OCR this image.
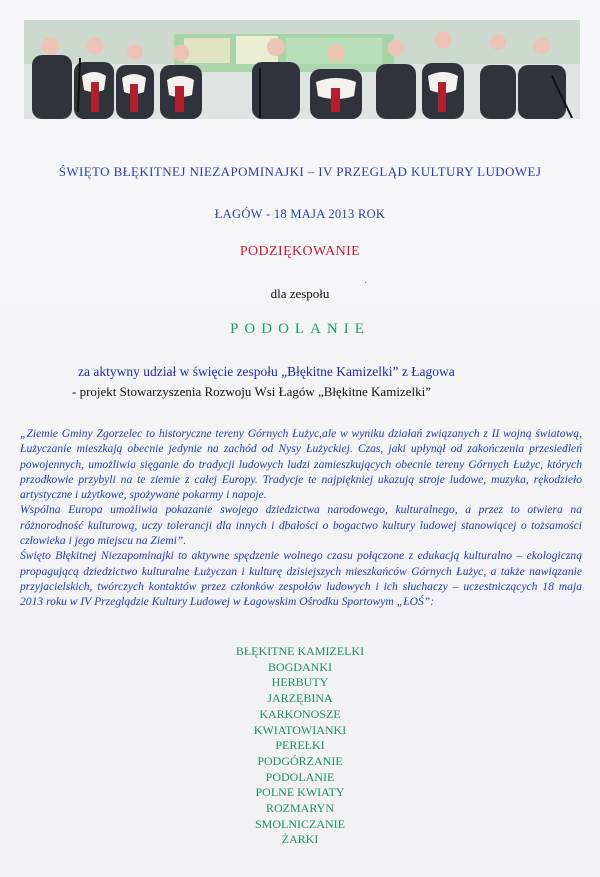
ŚWIĘTO BŁĘKITNEJ NIEZAPOMINAJKI – IV PRZEGLĄD KULTURY LUDOWEJ
ŁAGÓW - 18 MAJA 2013 ROK
PODZIĘKOWANIE
dla zespołu
·
PODOLANIE
za aktywny udział w święcie zespołu „Błękitne Kamizelki” z Łagowa
- projekt Stowarzyszenia Rozwoju Wsi Łagów „Błękitne Kamizelki”

„Ziemie Gminy Zgorzelec to historyczne tereny Górnych Łużyc,ale w wyniku działań związanych z II wojną światową, Łużyczanie mieszkają obecnie jedynie na zachód od Nysy Łużyckiej. Czas, jaki upłynął od zakończenia przesiedleń powojennych, umożliwia sięganie do tradycji ludowych ludzi zamieszkujących obecnie tereny Górnych Łużyc, których przodkowie przybyli na te ziemie z całej Europy. Tradycje te najpiękniej ukazują stroje ludowe, muzyka, rękodzieło artystyczne i użytkowe, spożywane pokarmy i napoje.

Wspólna Europa umożliwia pokazanie swojego dziedzictwa narodowego, kulturalnego, a przez to otwiera na różnorodność kulturową, uczy tolerancji dla innych i dbałości o bogactwo kultury ludowej stanowiącej o tożsamości człowieka i jego miejscu na Ziemi”.

Święto Błękitnej Niezapominajki to aktywne spędzenie wolnego czasu połączone z edukacją kulturalno – ekologiczną propagującą dziedzictwo kulturalne Łużyczan i kulturę dzisiejszych mieszkańców Górnych Łużyc, a także nawiązanie przyjacielskich, twórczych kontaktów przez członków zespołów ludowych i ich słuchaczy – uczestniczących 18 maja 2013 roku w IV Przeglądzie Kultury Ludowej w Łagowskim Ośrodku Sportowym „ŁOŚ”:

BŁĘKITNE KAMIZELKI
BOGDANKI
HERBUTY
JARZĘBINA
KARKONOSZE
KWIATOWIANKI
PEREŁKI
PODGÓRZANIE
PODOLANIE
POLNE KWIATY
ROZMARYN
SMOLNICZANIE
ŻARKI
